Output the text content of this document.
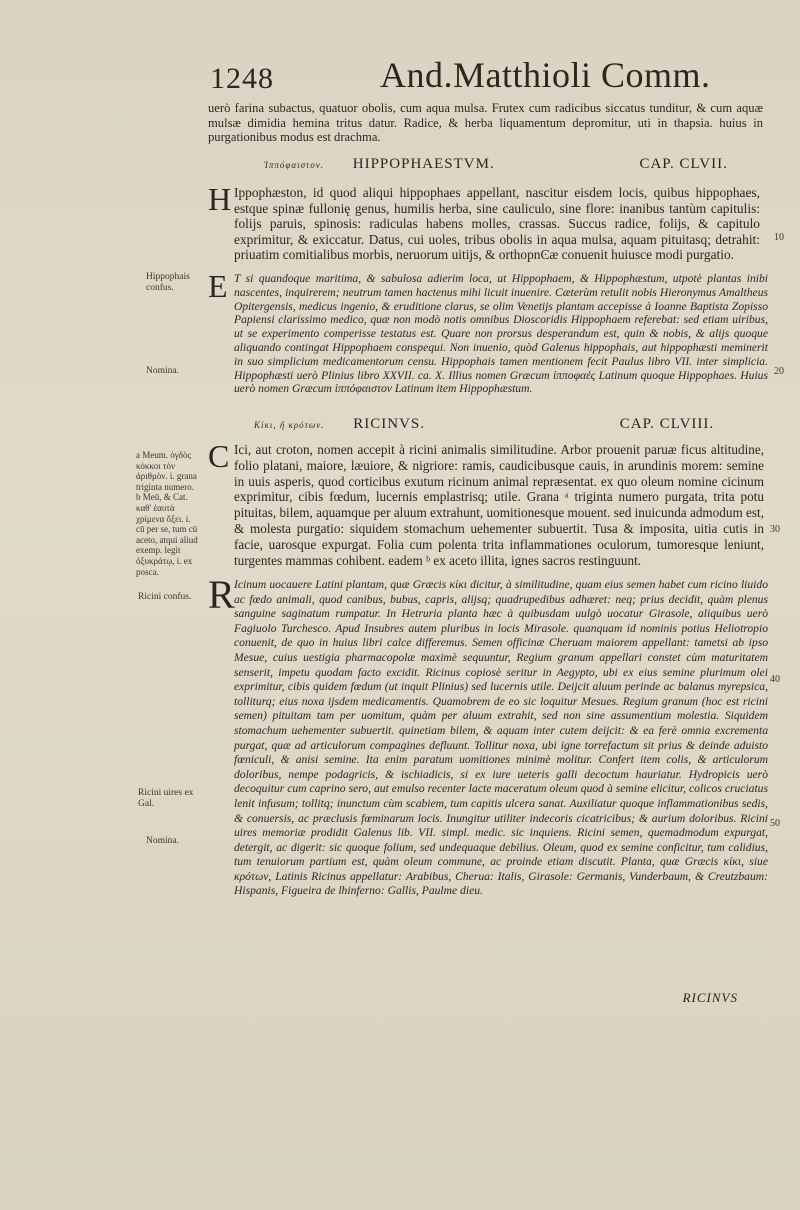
1248	And.Matthioli Comm.
uerò farina subactus, quatuor obolis, cum aqua mulsa. Frutex cum radicibus siccatus tunditur, & cum aquæ mulsæ dimidia hemina tritus datur. Radice, & herba liquamentum depromitur, uti in thapsia. huius in purgationibus modus est drachma.
Ἱππόφαιστον. HIPPOPHAESTVM.	CAP. CLVII.
H Ippophæston, id quod aliqui hippophaes appellant, nascitur eisdem locis, quibus hippophaes, estque spinæ fullonię genus, humilis herba, sine cauliculo, sine flore: inanibus tantùm capitulis: folijs paruis, spinosis: radiculas habens molles, crassas. Succus radice, folijs, & capitulo exprimitur, & exiccatur. Datus, cui uoles, tribus obolis in aqua mulsa, aquam pituitasq; detrahit: priuatim comitialibus morbis, neruorum uitijs, & orthopnϾæ conuenit huiusce modi purgatio.
E T si quandoque maritima, & sabulosa adierim loca, ut Hippophaem, & Hippophæstum, utpotè plantas inibi nascentes, inquirerem; neutrum tamen hactenus mihi licuit inuenire. Cæterùm retulit nobis Hieronymus Amaltheus Opitergensis, medicus ingenio, & eruditione clarus, se olim Venetijs plantam accepisse à Ioanne Baptista Zopisso Papiensi clarissimo medico, quæ non modò notis omnibus Dioscoridis Hippophaem referebat: sed etiam uiribus, ut se experimento comperisse testatus est. Quare non prorsus desperandum est, quin & nobis, & alijs quoque aliquando contingat Hippophaem conspequi. Non inuenio, quòd Galenus hippophais, aut hippophæsti meminerit in suo simplicium medicamentorum censu. Hippophais tamen mentionem fecit Paulus libro VII. inter simplicia. Hippophæsti uerò Plinius libro XXVII. ca. X. Illius nomen Græcum ἱππoφαές Latinum quoque Hippophaes. Huius uerò nomen Græcum ἱππόφαιστον Latinum item Hippophæstum.
Κίκι, ἢ κρότων. RICINVS.	CAP. CLVIII.
C Ici, aut croton, nomen accepit à ricini animalis similitudine. Arbor prouenit paruæ ficus altitudine, folio platani, maiore, læuiore, & nigriore: ramis, caudicibusque cauis, in arundinis morem: semine in uuis asperis, quod corticibus exutum ricinum animal repræsentat. ex quo oleum nomine cicinum exprimitur, cibis fœdum, lucernis emplastrisq; utile. Grana ᵃ triginta numero purgata, trita potu pituitas, bilem, aquamque per aluum extrahunt, uomitionesque mouent. sed inuicunda admodum est, & molesta purgatio: siquidem stomachum uehementer subuertit. Tusa & imposita, uitia cutis in facie, uarosque expurgat. Folia cum polenta trita inflammationes oculorum, tumoresque leniunt, turgentes mammas cohibent. eadem ᵇ ex aceto illita, ignes sacros restinguunt.
R Icinum uocauere Latini plantam, quæ Græcis κίκι dicitur, à similitudine, quam eius semen habet cum ricino liuido ac fœdo animali, quod canibus, bubus, capris, alijsq; quadrupedibus adhæret: neq; prius decidit, quàm plenus sanguine saginatum rumpatur. In Hetruria planta hæc à quibusdam uulgò uocatur Girasole, aliquibus uerò Fagiuolo Turchesco. Apud Insubres autem pluribus in locis Mirasole. quanquam id nominis potius Heliotropio conuenit, de quo in huius libri calce differemus. Semen officinæ Cheruam maiorem appellant: tametsi ab ipso Mesue, cuius uestigia pharmacopolæ maximè sequuntur, Regium granum appellari constet cùm maturitatem senserit, impetu quodam facto excidit. Ricinus copiosè seritur in Aegypto, ubi ex eius semine plurimum olei exprimitur, cibis quidem fœdum (ut inquit Plinius) sed lucernis utile. Deijcit aluum perinde ac balanus myrepsica, tolliturq; eius noxa ijsdem medicamentis. Quamobrem de eo sic loquitur Mesues. Regium granum (hoc est ricini semen) pituitam tam per uomitum, quàm per aluum extrahit, sed non sine assumentium molestia. Siquidem stomachum uehementer subuertit. quinetiam bilem, & aquam inter cutem deijcit: & ea ferè omnia excrementa purgat, quæ ad articulorum compagines defluunt. Tollitur noxa, ubi igne torrefactum sit prius & deinde aduisto fœniculi, & anisi semine. Ita enim paratum uomitiones minimè molitur. Confert item colis, & articulorum doloribus, nempe podagricis, & ischiadicis, si ex iure ueteris galli decoctum hauriatur. Hydropicis uerò decoquitur cum caprino sero, aut emulso recenter lacte maceratum oleum quod à semine elicitur, colicos cruciatus lenit infusum; tollitq; inunctum cùm scabiem, tum capitis ulcera sanat. Auxiliatur quoque inflammationibus sedis, & conuersis, ac præclusis fœminarum locis. Inungitur utiliter indecoris cicatricibus; & aurium doloribus. Ricini uires memoriæ prodidit Galenus lib. VII. simpl. medic. sic inquiens. Ricini semen, quemadmodum expurgat, detergit, ac digerit: sic quoque folium, sed undequaque debilius. Oleum, quod ex semine conficitur, tum calidius, tum tenuiorum partium est, quàm oleum commune, ac proinde etiam discutit. Planta, quæ Græcis κίκι, siue κρότων, Latinis Ricinus appellatur: Arabibus, Cherua: Italis, Girasole: Germanis, Vunderbaum, & Creutzbaum: Hispanis, Figueira de lhinferno: Gallis, Paulme dieu.
Hippophais confus.
Nomina.
a Meum. ὀγδὸς κόκκοι τὸν ἀριθμὸν. i. grana triginta numero. b Meū, & Cat. καθ' ἑαυτὰ χρίμενα ὄξει. i. cū per se, tum cū aceto, atqui aliud exemp. legit ὀξυκράτῳ, i. ex posca.
Ricini confus.
Ricini uires ex Gal.
Nomina.
10
20
30
40
50
RICINVS
